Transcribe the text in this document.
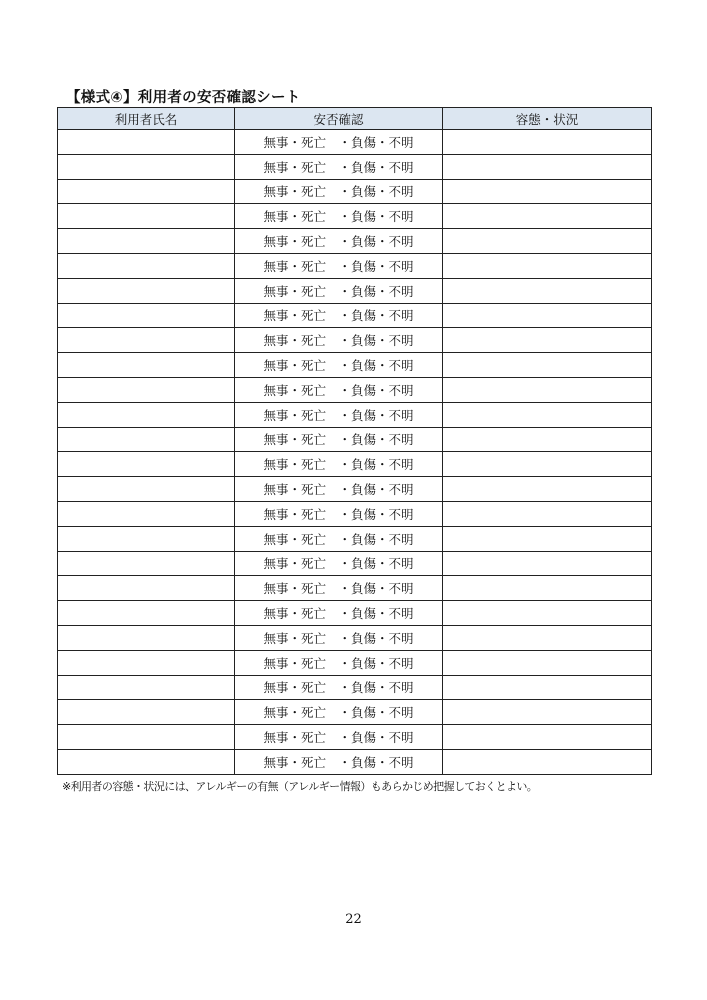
【様式④】利用者の安否確認シート
利用者氏名	安否確認	容態・状況
	無事・死亡　・負傷・不明	
	無事・死亡　・負傷・不明	
	無事・死亡　・負傷・不明	
	無事・死亡　・負傷・不明	
	無事・死亡　・負傷・不明	
	無事・死亡　・負傷・不明	
	無事・死亡　・負傷・不明	
	無事・死亡　・負傷・不明	
	無事・死亡　・負傷・不明	
	無事・死亡　・負傷・不明	
	無事・死亡　・負傷・不明	
	無事・死亡　・負傷・不明	
	無事・死亡　・負傷・不明	
	無事・死亡　・負傷・不明	
	無事・死亡　・負傷・不明	
	無事・死亡　・負傷・不明	
	無事・死亡　・負傷・不明	
	無事・死亡　・負傷・不明	
	無事・死亡　・負傷・不明	
	無事・死亡　・負傷・不明	
	無事・死亡　・負傷・不明	
	無事・死亡　・負傷・不明	
	無事・死亡　・負傷・不明	
	無事・死亡　・負傷・不明	
	無事・死亡　・負傷・不明	
	無事・死亡　・負傷・不明	
※利用者の容態・状況には、アレルギーの有無（アレルギー情報）もあらかじめ把握しておくとよい。
22
